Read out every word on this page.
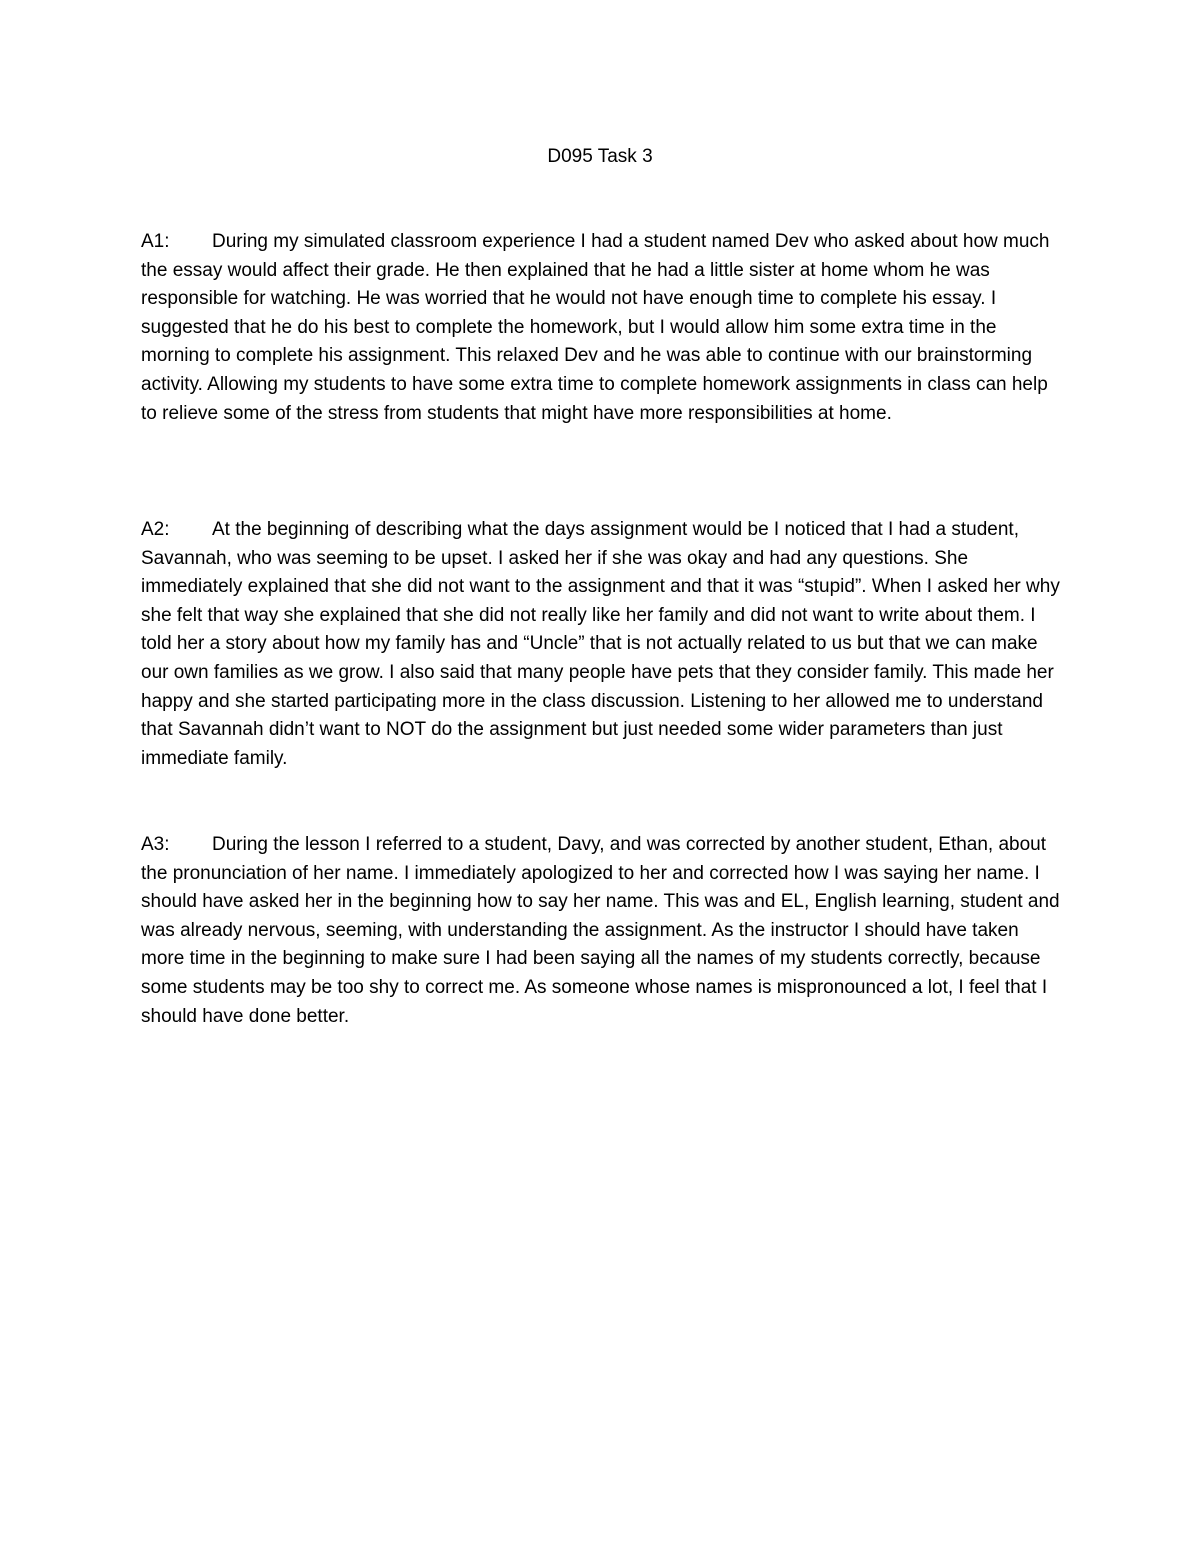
D095 Task 3

A1: During my simulated classroom experience I had a student named Dev who asked about how much the essay would affect their grade. He then explained that he had a little sister at home whom he was responsible for watching. He was worried that he would not have enough time to complete his essay. I suggested that he do his best to complete the homework, but I would allow him some extra time in the morning to complete his assignment. This relaxed Dev and he was able to continue with our brainstorming activity. Allowing my students to have some extra time to complete homework assignments in class can help to relieve some of the stress from students that might have more responsibilities at home.

A2: At the beginning of describing what the days assignment would be I noticed that I had a student, Savannah, who was seeming to be upset. I asked her if she was okay and had any questions. She immediately explained that she did not want to the assignment and that it was “stupid”. When I asked her why she felt that way she explained that she did not really like her family and did not want to write about them. I told her a story about how my family has and “Uncle” that is not actually related to us but that we can make our own families as we grow. I also said that many people have pets that they consider family. This made her happy and she started participating more in the class discussion. Listening to her allowed me to understand that Savannah didn’t want to NOT do the assignment but just needed some wider parameters than just immediate family.

A3: During the lesson I referred to a student, Davy, and was corrected by another student, Ethan, about the pronunciation of her name. I immediately apologized to her and corrected how I was saying her name. I should have asked her in the beginning how to say her name. This was and EL, English learning, student and was already nervous, seeming, with understanding the assignment. As the instructor I should have taken more time in the beginning to make sure I had been saying all the names of my students correctly, because some students may be too shy to correct me. As someone whose names is mispronounced a lot, I feel that I should have done better.
